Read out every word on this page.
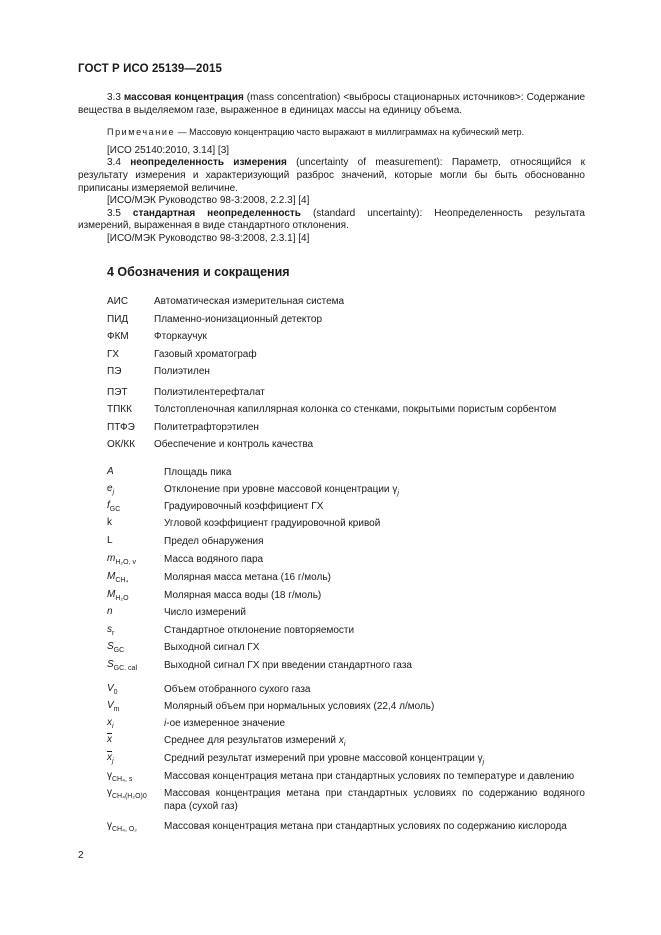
ГОСТ Р ИСО 25139—2015

3.3 массовая концентрация (mass concentration) <выбросы стационарных источников>: Содержание вещества в выделяемом газе, выраженное в единицах массы на единицу объема.

Примечание — Массовую концентрацию часто выражают в миллиграммах на кубический метр.

[ИСО 25140:2010, 3.14] [3]

3.4 неопределенность измерения (uncertainty of measurement): Параметр, относящийся к результату измерения и характеризующий разброс значений, которые могли бы быть обоснованно приписаны измеряемой величине.

[ИСО/МЭК Руководство 98-3:2008, 2.2.3] [4]

3.5 стандартная неопределенность (standard uncertainty): Неопределенность результата измерений, выраженная в виде стандартного отклонения.

[ИСО/МЭК Руководство 98-3:2008, 2.3.1] [4]

4 Обозначения и сокращения
АИС	Автоматическая измерительная система
ПИД	Пламенно-ионизационный детектор
ФКМ	Фторкаучук
ГХ	Газовый хроматограф
ПЭ	Полиэтилен
ПЭТ	Полиэтилентерефталат
ТПКК Толстопленочная капиллярная колонка со стенками, покрытыми пористым сорбентом
ПТФЭ Политетрафторэтилен
ОК/КК Обеспечение и контроль качества
A	Площадь пика
$e_j$	Отклонение при уровне массовой концентрации $\gamma_j$
$f_{GC}$	Градуировочный коэффициент ГХ
k	Угловой коэффициент градуировочной кривой
L	Предел обнаружения
$m_{H_2O, v}$	Масса водяного пара
$M_{CH_4}$	Молярная масса метана (16 г/моль)
$M_{H_2O}$	Молярная масса воды (18 г/моль)
n	Число измерений
$s_r$	Стандартное отклонение повторяемости
$S_{GC}$	Выходной сигнал ГХ
$S_{GC. cal}$	Выходной сигнал ГХ при введении стандартного газа
$V_0$	Объем отобранного сухого газа
$V_m$	Молярный объем при нормальных условиях (22,4 л/моль)
$x_i$	i-ое измеренное значение
$\overline{x}$	Среднее для результатов измерений $x_i$
$\overline{x}_j$	Средний результат измерений при уровне массовой концентрации $\gamma_j$
$\gamma_{CH_4, s}$	Массовая концентрация метана при стандартных условиях по температуре и давлению
$\gamma_{CH_4(H_2O)0}$ Массовая концентрация метана при стандартных условиях по содержанию водяного
пара (сухой газ)
$\gamma_{CH_4, O_2}$	Массовая концентрация метана при стандартных условиях по содержанию кислорода
2
